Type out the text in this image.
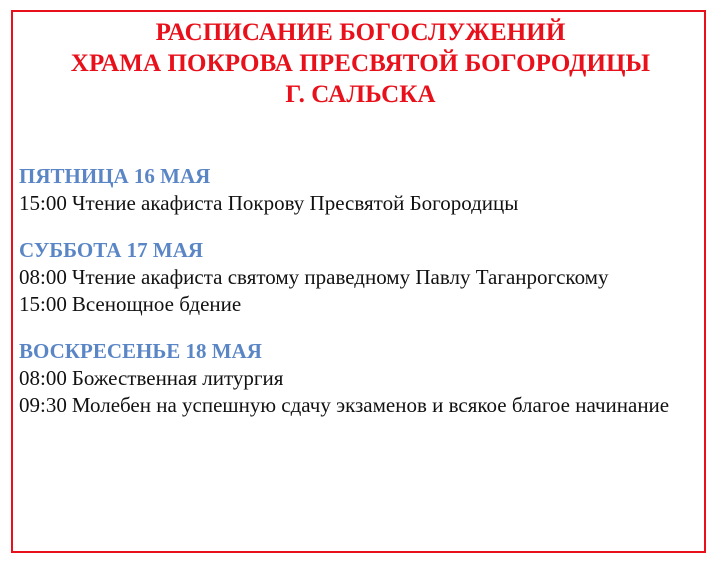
РАСПИСАНИЕ БОГОСЛУЖЕНИЙ
ХРАМА ПОКРОВА ПРЕСВЯТОЙ БОГОРОДИЦЫ
Г. САЛЬСКА
ПЯТНИЦА 16 МАЯ
15:00 Чтение акафиста Покрову Пресвятой Богородицы
СУББОТА 17 МАЯ
08:00 Чтение акафиста святому праведному Павлу Таганрогскому
15:00 Всенощное бдение
ВОСКРЕСЕНЬЕ 18 МАЯ
08:00 Божественная литургия
09:30 Молебен на успешную сдачу экзаменов и всякое благое начинание
